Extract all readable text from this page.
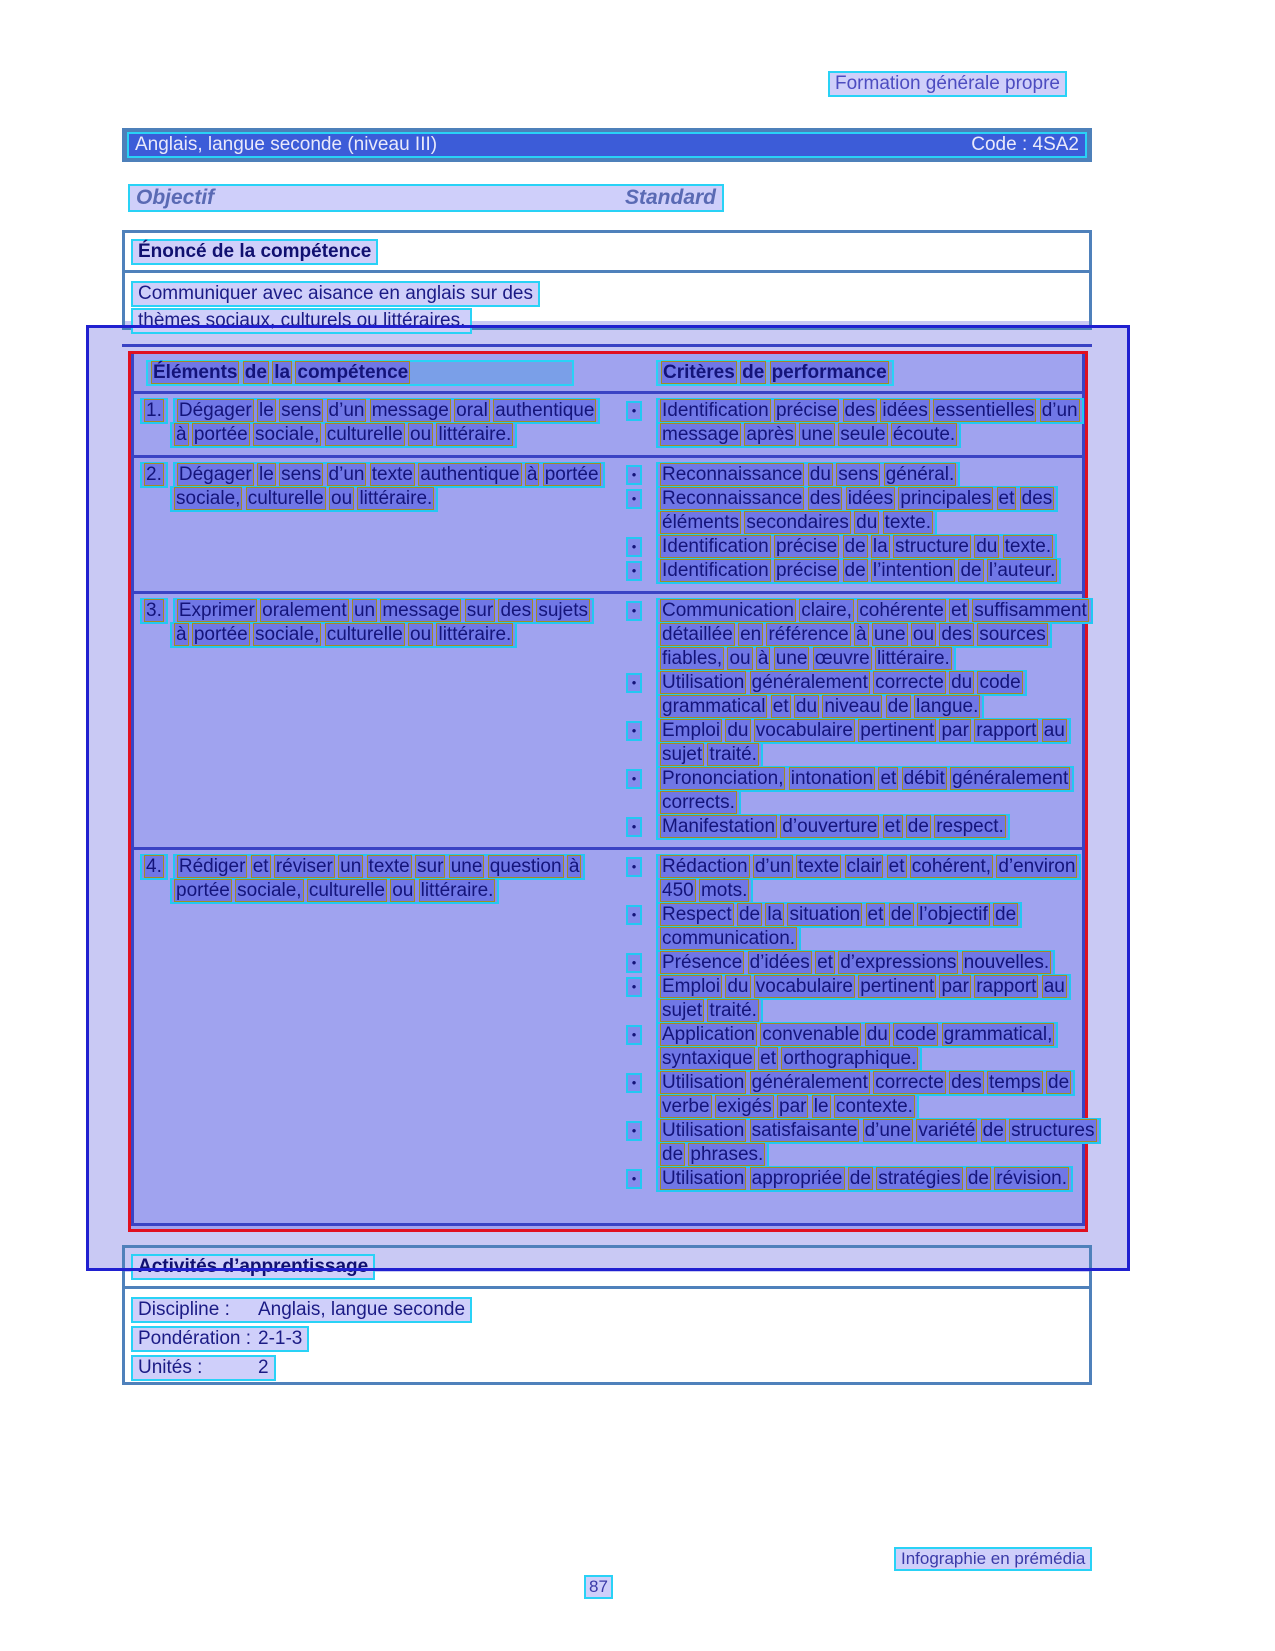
Formation générale propre
Anglais, langue seconde (niveau III)	Code : 4SA2
Objectif	Standard
Énoncé de la compétence
Communiquer avec aisance en anglais sur des
thèmes sociaux, culturels ou littéraires.
Éléments de la compétence	Critères de performance
1. Dégager le sens d’un message oral authentique
à portée sociale, culturelle ou littéraire.
• Identification précise des idées essentielles d’un
message après une seule écoute.
2. Dégager le sens d’un texte authentique à portée
sociale, culturelle ou littéraire.
• Reconnaissance du sens général.
• Reconnaissance des idées principales et des
éléments secondaires du texte.
• Identification précise de la structure du texte.
• Identification précise de l’intention de l’auteur.
3. Exprimer oralement un message sur des sujets
à portée sociale, culturelle ou littéraire.
• Communication claire, cohérente et suffisamment
détaillée en référence à une ou des sources
fiables, ou à une œuvre littéraire.
• Utilisation généralement correcte du code
grammatical et du niveau de langue.
• Emploi du vocabulaire pertinent par rapport au
sujet traité.
• Prononciation, intonation et débit généralement
corrects.
• Manifestation d’ouverture et de respect.
4. Rédiger et réviser un texte sur une question à
portée sociale, culturelle ou littéraire.
• Rédaction d’un texte clair et cohérent, d’environ
450 mots.
• Respect de la situation et de l’objectif de
communication.
• Présence d’idées et d’expressions nouvelles.
• Emploi du vocabulaire pertinent par rapport au
sujet traité.
• Application convenable du code grammatical,
syntaxique et orthographique.
• Utilisation généralement correcte des temps de
verbe exigés par le contexte.
• Utilisation satisfaisante d’une variété de structures
de phrases.
• Utilisation appropriée de stratégies de révision.
Activités d’apprentissage
Discipline : Anglais, langue seconde
Pondération : 2-1-3
Unités :	2
Infographie en prémédia
87
